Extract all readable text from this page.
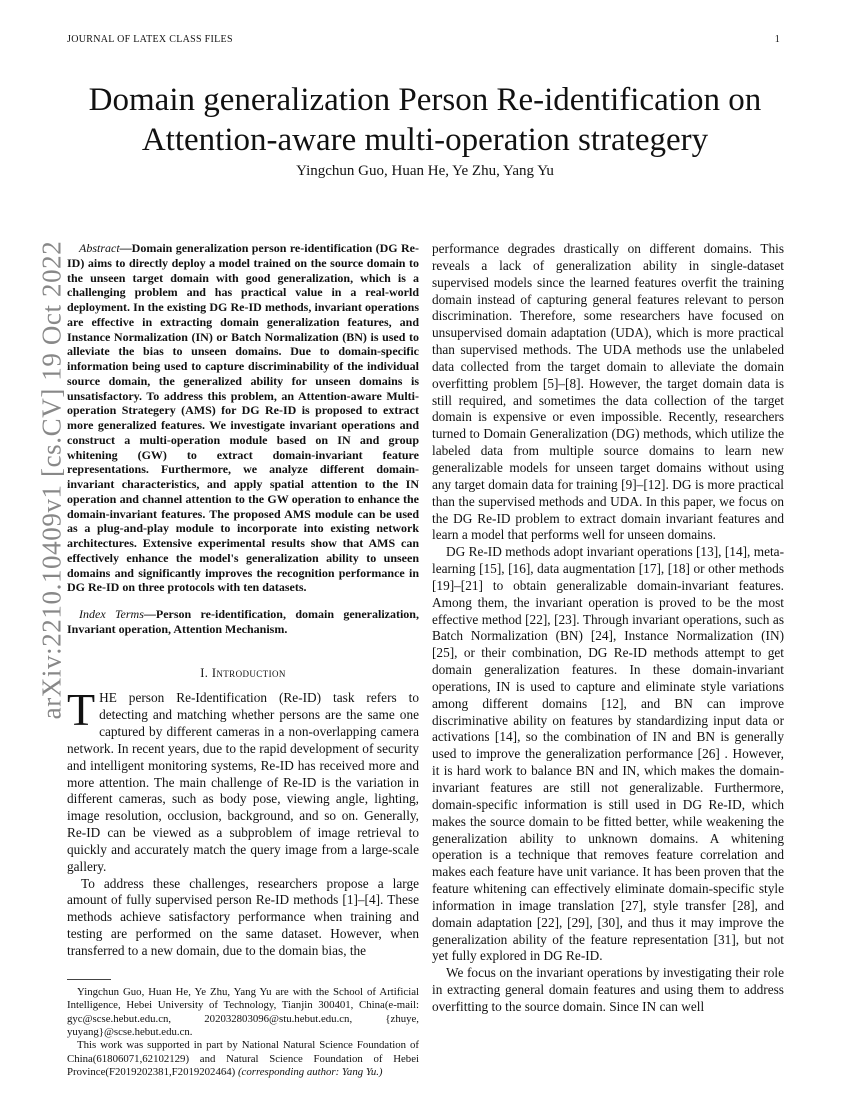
JOURNAL OF LATEX CLASS FILES	1
arXiv:2210.10409v1 [cs.CV] 19 Oct 2022
Domain generalization Person Re-identification on
Attention-aware multi-operation strategery
Yingchun Guo, Huan He, Ye Zhu, Yang Yu

Abstract—Domain generalization person re-identification (DG Re-ID) aims to directly deploy a model trained on the source domain to the unseen target domain with good generalization, which is a challenging problem and has practical value in a real-world deployment. In the existing DG Re-ID methods, invariant operations are effective in extracting domain generalization features, and Instance Normalization (IN) or Batch Normalization (BN) is used to alleviate the bias to unseen domains. Due to domain-specific information being used to capture discriminability of the individual source domain, the generalized ability for unseen domains is unsatisfactory. To address this problem, an Attention-aware Multi-operation Strategery (AMS) for DG Re-ID is proposed to extract more generalized features. We investigate invariant operations and construct a multi-operation module based on IN and group whitening (GW) to extract domain-invariant feature representations. Furthermore, we analyze different domain-invariant characteristics, and apply spatial attention to the IN operation and channel attention to the GW operation to enhance the domain-invariant features. The proposed AMS module can be used as a plug-and-play module to incorporate into existing network architectures. Extensive experimental results show that AMS can effectively enhance the model's generalization ability to unseen domains and significantly improves the recognition performance in DG Re-ID on three protocols with ten datasets.

Index Terms—Person re-identification, domain generalization, Invariant operation, Attention Mechanism.

I. Introduction

THE person Re-Identification (Re-ID) task refers to detecting and matching whether persons are the same one captured by different cameras in a non-overlapping camera network. In recent years, due to the rapid development of security and intelligent monitoring systems, Re-ID has received more and more attention. The main challenge of Re-ID is the variation in different cameras, such as body pose, viewing angle, lighting, image resolution, occlusion, background, and so on. Generally, Re-ID can be viewed as a subproblem of image retrieval to quickly and accurately match the query image from a large-scale gallery.

To address these challenges, researchers propose a large amount of fully supervised person Re-ID methods [1]–[4]. These methods achieve satisfactory performance when training and testing are performed on the same dataset. However, when transferred to a new domain, due to the domain bias, the

Yingchun Guo, Huan He, Ye Zhu, Yang Yu are with the School of Artificial Intelligence, Hebei University of Technology, Tianjin 300401, China(e-mail: gyc@scse.hebut.edu.cn, 202032803096@stu.hebut.edu.cn, {zhuye, yuyang}@scse.hebut.edu.cn.

This work was supported in part by National Natural Science Foundation of China(61806071,62102129) and Natural Science Foundation of Hebei Province(F2019202381,F2019202464) (corresponding author: Yang Yu.)

performance degrades drastically on different domains. This reveals a lack of generalization ability in single-dataset supervised models since the learned features overfit the training domain instead of capturing general features relevant to person discrimination. Therefore, some researchers have focused on unsupervised domain adaptation (UDA), which is more practical than supervised methods. The UDA methods use the unlabeled data collected from the target domain to alleviate the domain overfitting problem [5]–[8]. However, the target domain data is still required, and sometimes the data collection of the target domain is expensive or even impossible. Recently, researchers turned to Domain Generalization (DG) methods, which utilize the labeled data from multiple source domains to learn new generalizable models for unseen target domains without using any target domain data for training [9]–[12]. DG is more practical than the supervised methods and UDA. In this paper, we focus on the DG Re-ID problem to extract domain invariant features and learn a model that performs well for unseen domains.

DG Re-ID methods adopt invariant operations [13], [14], meta-learning [15], [16], data augmentation [17], [18] or other methods [19]–[21] to obtain generalizable domain-invariant features. Among them, the invariant operation is proved to be the most effective method [22], [23]. Through invariant operations, such as Batch Normalization (BN) [24], Instance Normalization (IN) [25], or their combination, DG Re-ID methods attempt to get domain generalization features. In these domain-invariant operations, IN is used to capture and eliminate style variations among different domains [12], and BN can improve discriminative ability on features by standardizing input data or activations [14], so the combination of IN and BN is generally used to improve the generalization performance [26] . However, it is hard work to balance BN and IN, which makes the domain-invariant features are still not generalizable. Furthermore, domain-specific information is still used in DG Re-ID, which makes the source domain to be fitted better, while weakening the generalization ability to unknown domains. A whitening operation is a technique that removes feature correlation and makes each feature have unit variance. It has been proven that the feature whitening can effectively eliminate domain-specific style information in image translation [27], style transfer [28], and domain adaptation [22], [29], [30], and thus it may improve the generalization ability of the feature representation [31], but not yet fully explored in DG Re-ID.

We focus on the invariant operations by investigating their role in extracting general domain features and using them to address overfitting to the source domain. Since IN can well
